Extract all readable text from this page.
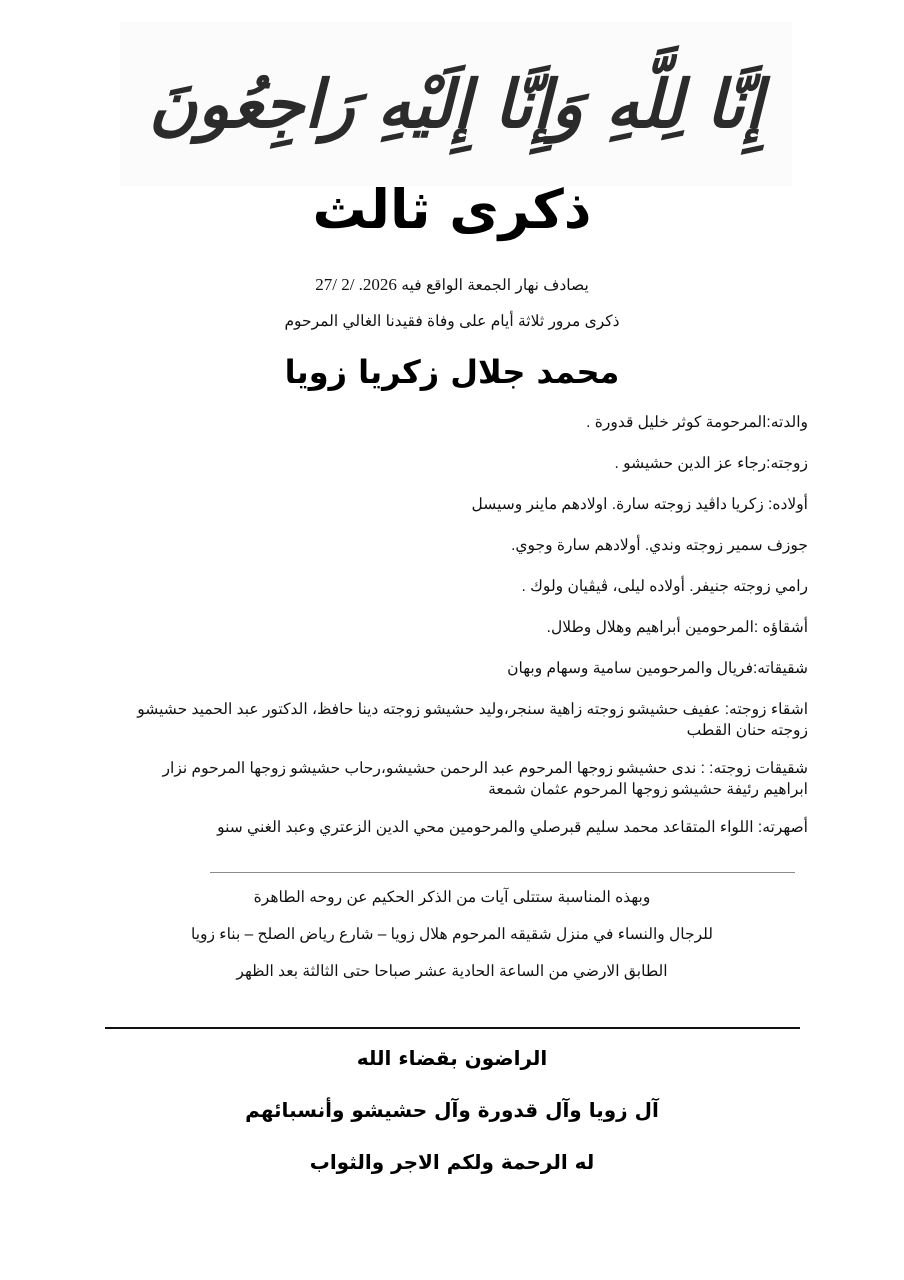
إِنَّا لِلَّهِ وَإِنَّا إِلَيْهِ رَاجِعُونَ
ذكرى ثالث
يصادف نهار الجمعة الواقع فيه 27/ 2/ .2026
ذكرى مرور ثلاثة أيام على وفاة فقيدنا الغالي المرحوم
محمد جلال زكريا زويا
والدته:المرحومة كوثر خليل قدورة .
زوجته:رجاء عز الدين حشيشو .
أولاده: زكريا داڤيد زوجته سارة. اولادهم ماينر وسيسل
جوزف سمير زوجته وندي. أولادهم سارة وجوي.
رامي زوجته جنيفر. أولاده ليلى، ڤيڤيان ولوك .
أشقاؤه :المرحومين أبراهيم وهلال وطلال.
شقيقاته:فريال والمرحومين سامية وسهام وبهان
اشقاء زوجته: عفيف حشيشو زوجته زاهية سنجر،وليد حشيشو زوجته دينا حافظ، الدكتور عبد الحميد حشيشو زوجته حنان القطب
شقيقات زوجته: : ندى حشيشو زوجها المرحوم عبد الرحمن حشيشو،رحاب حشيشو زوجها المرحوم نزار ابراهيم رئيفة حشيشو زوجها المرحوم عثمان شمعة
أصهرته: اللواء المتقاعد محمد سليم قبرصلي والمرحومين محي الدين الزعتري وعبد الغني سنو
وبهذه المناسبة ستتلى آيات من الذكر الحكيم عن روحه الطاهرة
للرجال والنساء في منزل شقيقه المرحوم هلال زويا – شارع رياض الصلح – بناء زويا
الطابق الارضي من الساعة الحادية عشر صباحا حتى الثالثة بعد الظهر
الراضون بقضاء الله
آل زويا وآل قدورة وآل حشيشو وأنسبائهم
له الرحمة ولكم الاجر والثواب
